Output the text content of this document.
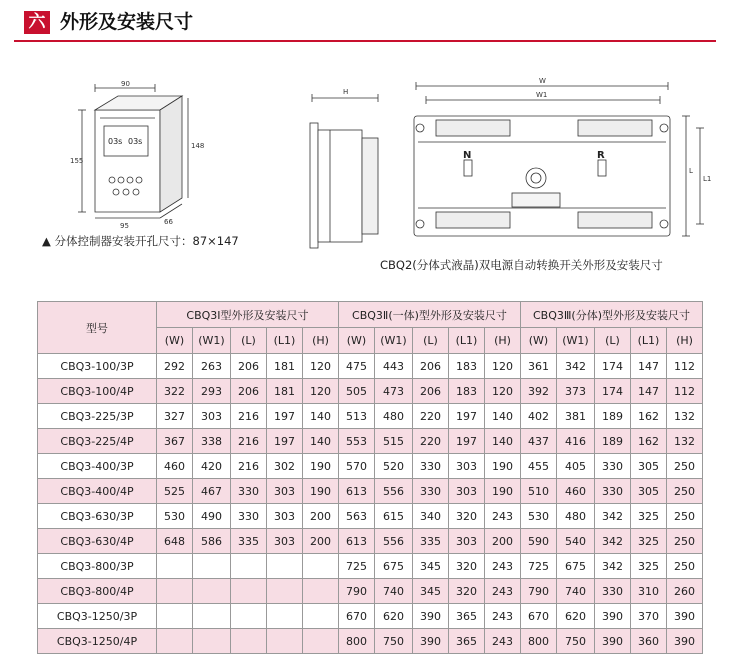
六 外形及安装尺寸
90
95
155
148
66
03s 03s
H
W
W1
L
L1
N	R
▲ 分体控制器安装开孔尺寸：87×147
CBQ2(分体式液晶)双电源自动转换开关外形及安装尺寸
型号	CBQ3Ⅰ型外形及安装尺寸					CBQ3Ⅱ(一体)型外形及安装尺寸					CBQ3Ⅲ(分体)型外形及安装尺寸				
	(W)	(W1)	(L)	(L1)	(H)	(W)	(W1)	(L)	(L1)	(H)	(W)	(W1)	(L)	(L1)	(H)
CBQ3-100/3P	292	263	206	181	120	475	443	206	183	120	361	342	174	147	112
CBQ3-100/4P	322	293	206	181	120	505	473	206	183	120	392	373	174	147	112
CBQ3-225/3P	327	303	216	197	140	513	480	220	197	140	402	381	189	162	132
CBQ3-225/4P	367	338	216	197	140	553	515	220	197	140	437	416	189	162	132
CBQ3-400/3P	460	420	216	302	190	570	520	330	303	190	455	405	330	305	250
CBQ3-400/4P	525	467	330	303	190	613	556	330	303	190	510	460	330	305	250
CBQ3-630/3P	530	490	330	303	200	563	615	340	320	243	530	480	342	325	250
CBQ3-630/4P	648	586	335	303	200	613	556	335	303	200	590	540	342	325	250
CBQ3-800/3P						725	675	345	320	243	725	675	342	325	250
CBQ3-800/4P						790	740	345	320	243	790	740	330	310	260
CBQ3-1250/3P						670	620	390	365	243	670	620	390	370	390
CBQ3-1250/4P						800	750	390	365	243	800	750	390	360	390
